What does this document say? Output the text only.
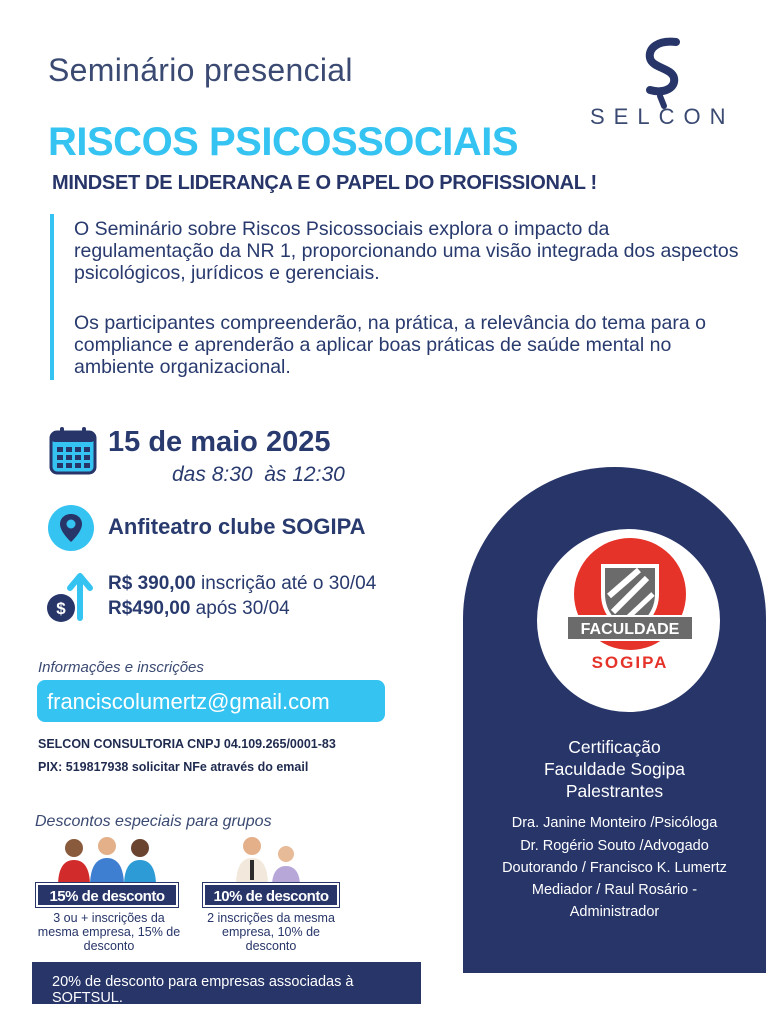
Seminário presencial
SELCON
RISCOS PSICOSSOCIAIS
MINDSET DE LIDERANÇA E O PAPEL DO PROFISSIONAL !
O Seminário sobre Riscos Psicossociais explora o impacto da regulamentação da NR 1, proporcionando uma visão integrada dos aspectos psicológicos, jurídicos e gerenciais.
Os participantes compreenderão, na prática, a relevância do tema para o compliance e aprenderão a aplicar boas práticas de saúde mental no ambiente organizacional.
15 de maio 2025
das 8:30  às 12:30
Anfiteatro clube SOGIPA
$
R$ 390,00 inscrição até o 30/04
R$490,00 após 30/04
Informações e inscrições
franciscolumertz@gmail.com
SELCON CONSULTORIA CNPJ 04.109.265/0001-83
PIX: 519817938 solicitar NFe através do email
Descontos especiais para grupos
15% de desconto	10% de desconto
3 ou + inscrições da mesma empresa, 15% de desconto
2 inscrições da mesma empresa, 10% de desconto
20% de desconto para empresas associadas à SOFTSUL.
FACULDADE
SOGIPA
Certificação
Faculdade Sogipa
Palestrantes
Dra. Janine Monteiro /Psicóloga
Dr. Rogério Souto /Advogado
Doutorando / Francisco K. Lumertz
Mediador / Raul Rosário -
Administrador
